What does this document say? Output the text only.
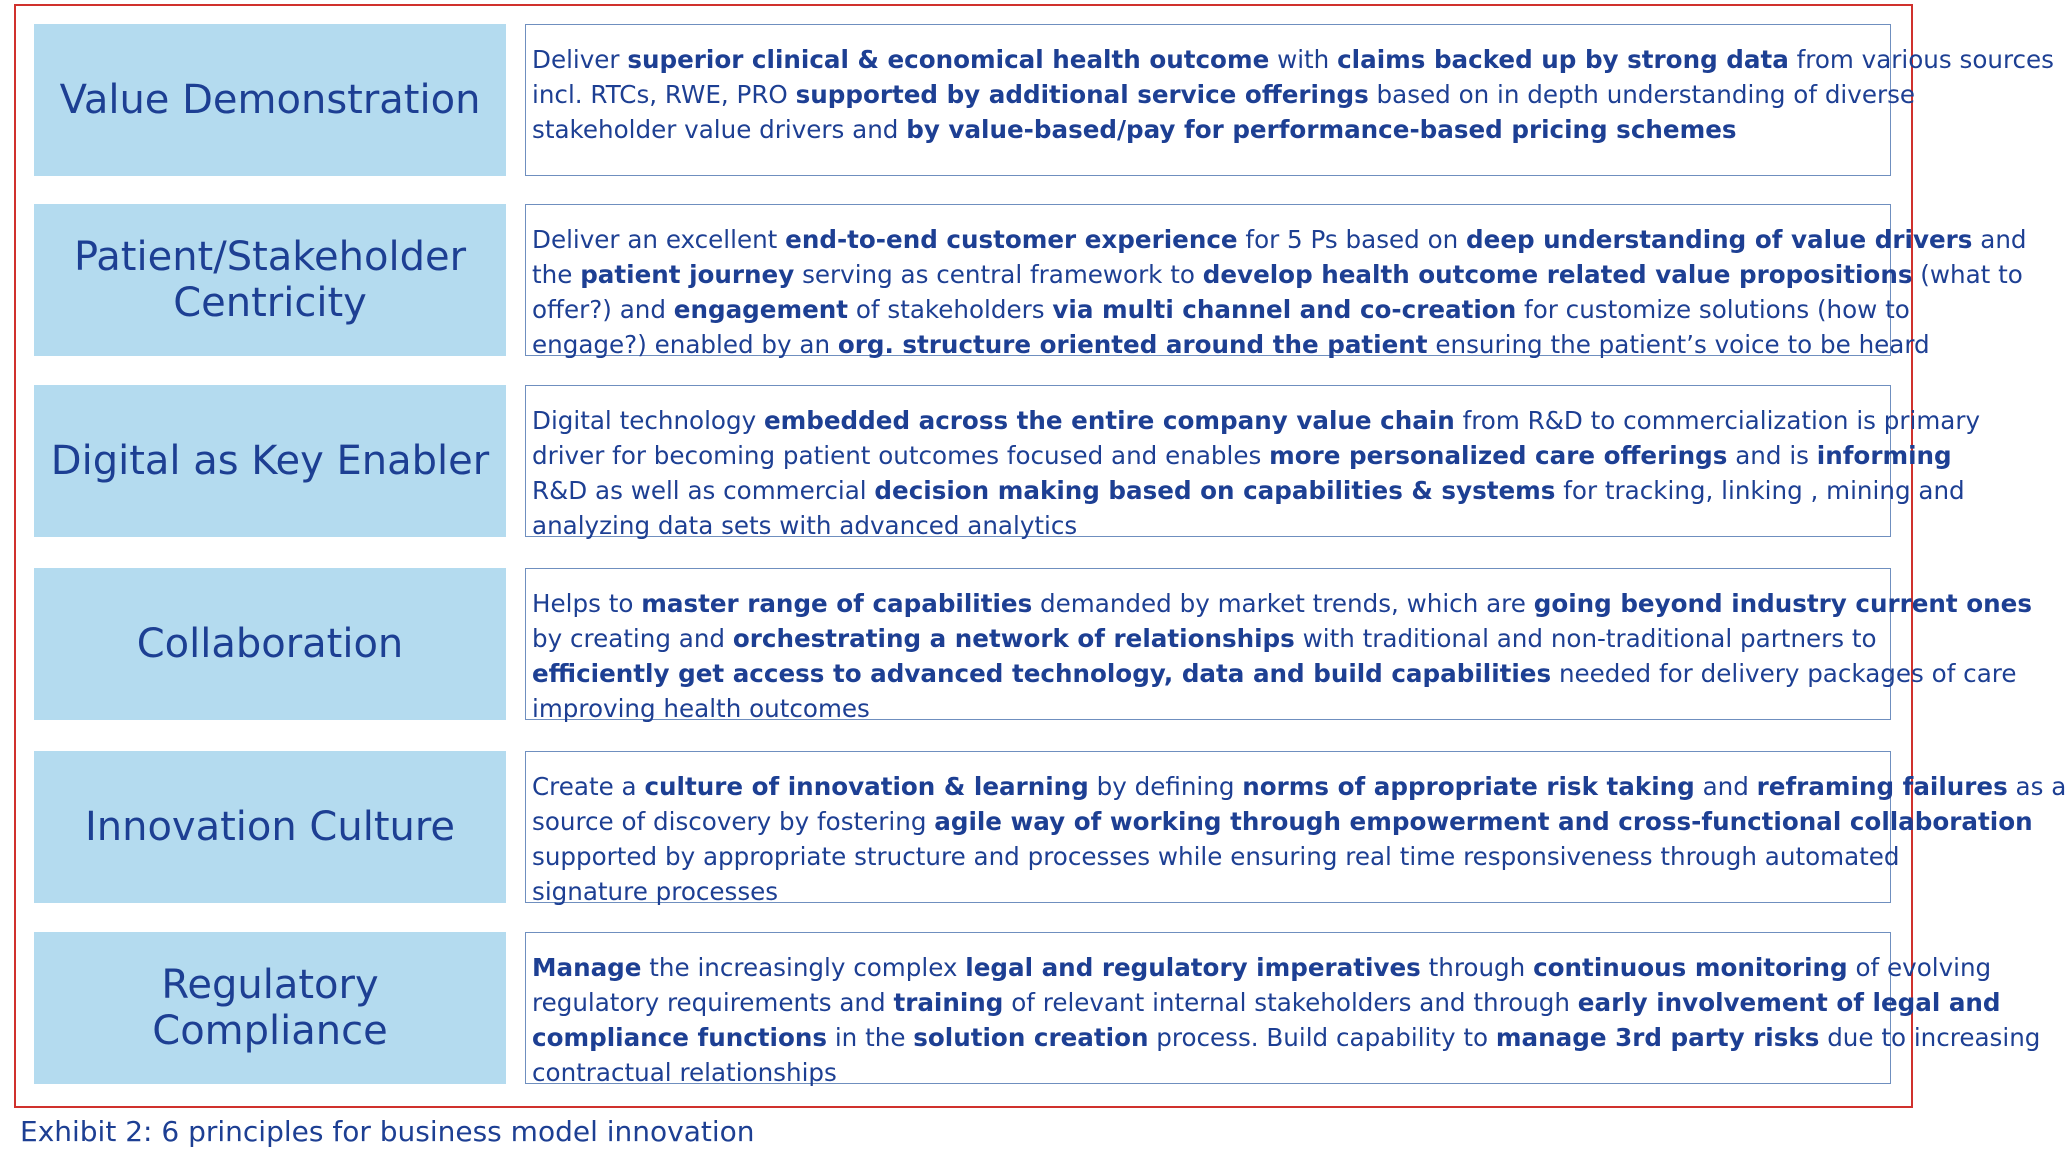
Value Demonstration
Deliver superior clinical & economical health outcome with claims backed up by strong data from various sources
incl. RTCs, RWE, PRO supported by additional service offerings based on in depth understanding of diverse
stakeholder value drivers and by value-based/pay for performance-based pricing schemes
Patient/Stakeholder Centricity
Deliver an excellent end-to-end customer experience for 5 Ps based on deep understanding of value drivers and
the patient journey serving as central framework to develop health outcome related value propositions (what to
offer?) and engagement of stakeholders via multi channel and co-creation for customize solutions (how to
engage?) enabled by an org. structure oriented around the patient ensuring the patient’s voice to be heard
Digital as Key Enabler
Digital technology embedded across the entire company value chain from R&D to commercialization is primary
driver for becoming patient outcomes focused and enables more personalized care offerings and is informing
R&D as well as commercial decision making based on capabilities & systems for tracking, linking , mining and
analyzing data sets with advanced analytics
Collaboration
Helps to master range of capabilities demanded by market trends, which are going beyond industry current ones
by creating and orchestrating a network of relationships with traditional and non-traditional partners to
efficiently get access to advanced technology, data and build capabilities needed for delivery packages of care
improving health outcomes
Innovation Culture
Create a culture of innovation & learning by defining norms of appropriate risk taking and reframing failures as a
source of discovery by fostering agile way of working through empowerment and cross-functional collaboration
supported by appropriate structure and processes while ensuring real time responsiveness through automated
signature processes
Regulatory Compliance
Manage the increasingly complex legal and regulatory imperatives through continuous monitoring of evolving
regulatory requirements and training of relevant internal stakeholders and through early involvement of legal and
compliance functions in the solution creation process. Build capability to manage 3rd party risks due to increasing
contractual relationships
Exhibit 2: 6 principles for business model innovation
